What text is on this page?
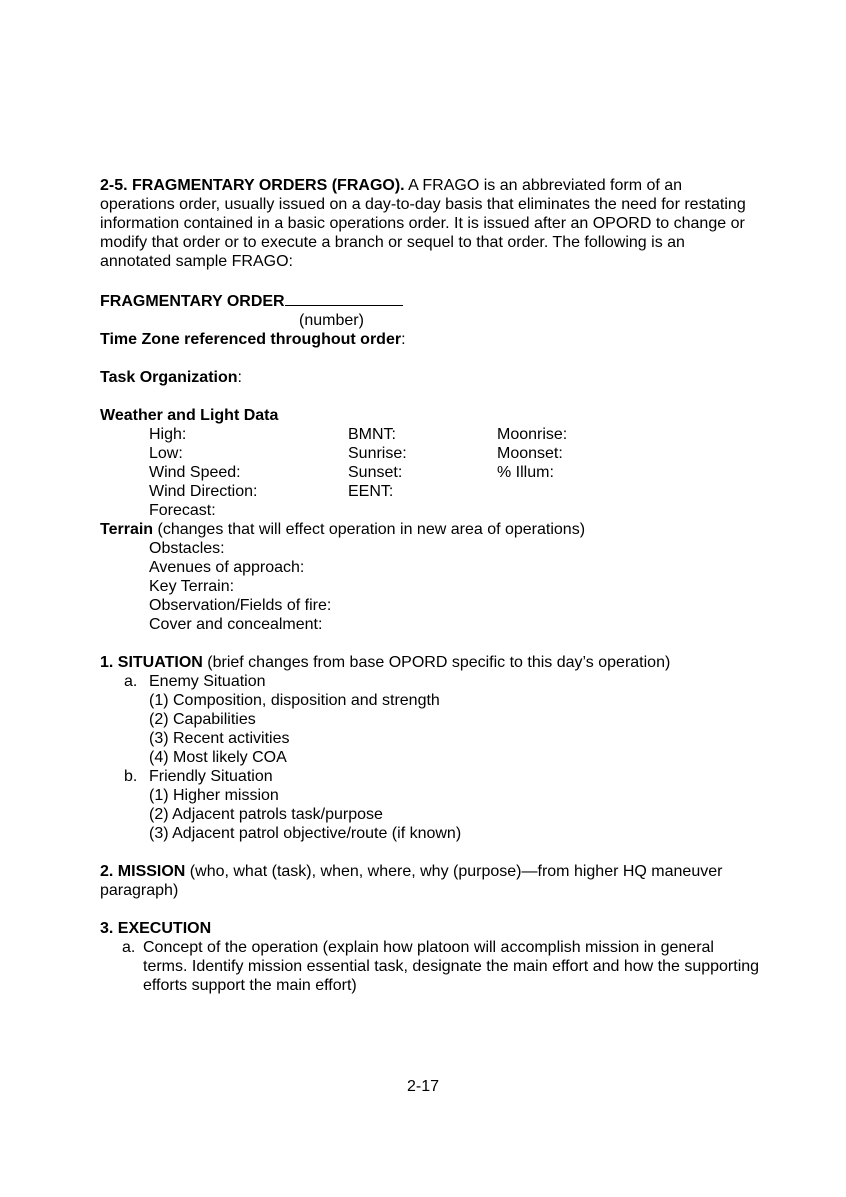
2-5. FRAGMENTARY ORDERS (FRAGO). A FRAGO is an abbreviated form of an operations order, usually issued on a day-to-day basis that eliminates the need for restating information contained in a basic operations order. It is issued after an OPORD to change or modify that order or to execute a branch or sequel to that order. The following is an annotated sample FRAGO:

FRAGMENTARY ORDER

(number)

Time Zone referenced throughout order:

Task Organization:

Weather and Light Data

High:	BMNT:	Moonrise:
Low:	Sunrise:	Moonset:
Wind Speed:	Sunset:	% Illum:
Wind Direction:	EENT:
Forecast:

Terrain (changes that will effect operation in new area of operations)

Obstacles:

Avenues of approach:

Key Terrain:

Observation/Fields of fire:

Cover and concealment:

1. SITUATION (brief changes from base OPORD specific to this day’s operation)

a. Enemy Situation

(1) Composition, disposition and strength

(2) Capabilities

(3) Recent activities

(4) Most likely COA

b. Friendly Situation

(1) Higher mission

(2) Adjacent patrols task/purpose

(3) Adjacent patrol objective/route (if known)

2. MISSION (who, what (task), when, where, why (purpose)—from higher HQ maneuver paragraph)

3. EXECUTION

a. Concept of the operation (explain how platoon will accomplish mission in general terms. Identify mission essential task, designate the main effort and how the supporting efforts support the main effort)
2-17
